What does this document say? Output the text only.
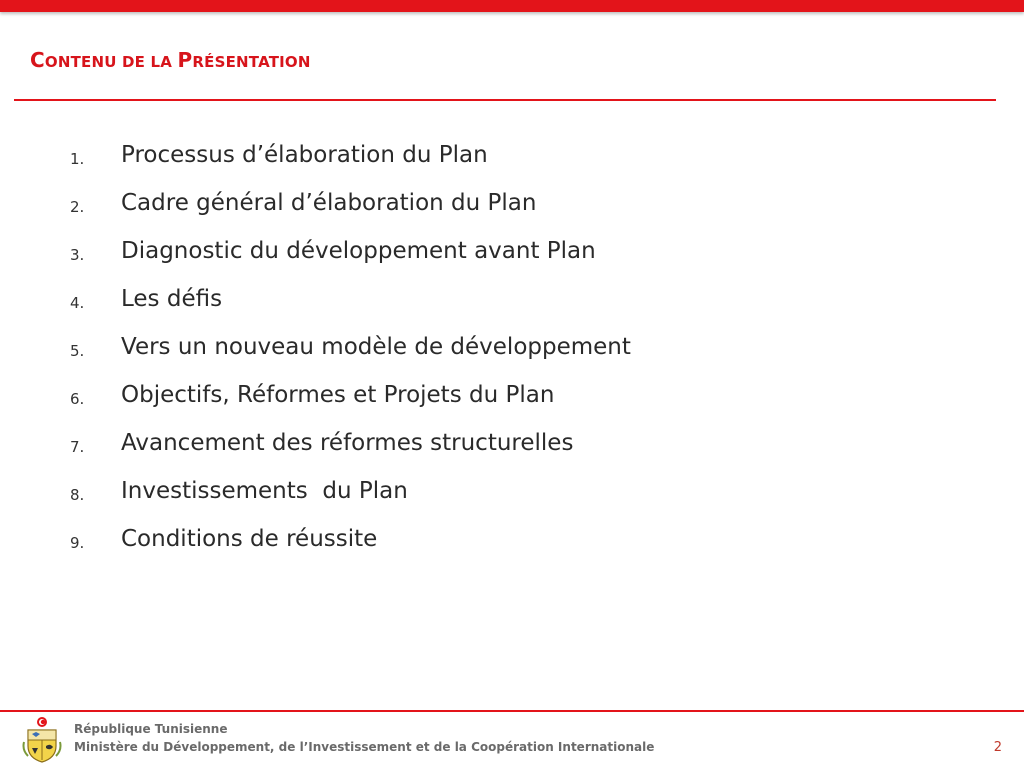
CONTENU DE LA PRÉSENTATION
1. Processus d’élaboration du Plan
2. Cadre général d’élaboration du Plan
3. Diagnostic du développement avant Plan
4. Les défis
5. Vers un nouveau modèle de développement
6. Objectifs, Réformes et Projets du Plan
7. Avancement des réformes structurelles
8. Investissements  du Plan
9. Conditions de réussite
République Tunisienne
Ministère du Développement, de l’Investissement et de la Coopération Internationale	2
